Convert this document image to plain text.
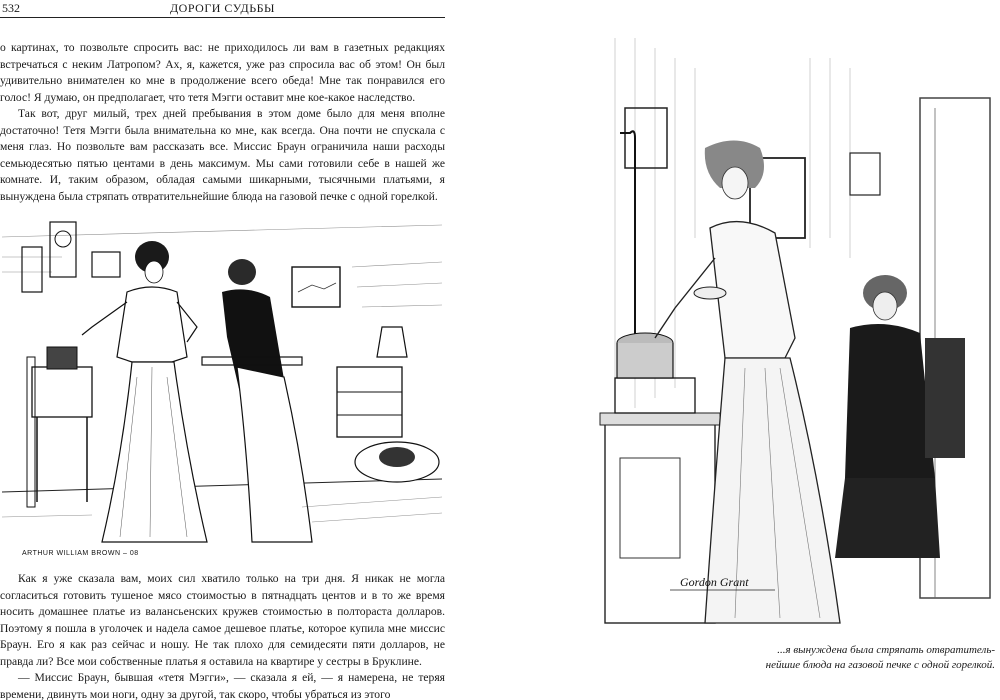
532	ДОРОГИ СУДЬБЫ

о картинах, то позвольте спросить вас: не приходилось ли вам в газетных редакциях встречаться с неким Латропом? Ах, я, кажется, уже раз спросила вас об этом! Он был удивительно внимателен ко мне в продолжение всего обеда! Мне так понравился его голос! Я думаю, он предполагает, что тетя Мэгги оставит мне кое-какое наследство.

Так вот, друг милый, трех дней пребывания в этом доме было для меня вполне достаточно! Тетя Мэгги была внимательна ко мне, как всегда. Она почти не спускала с меня глаз. Но позвольте вам рассказать все. Миссис Браун ограничила наши расходы семьюдесятью пятью центами в день максимум. Мы сами готовили себе в нашей же комнате. И, таким образом, обладая самыми шикарными, тысячными платьями, я вынуждена была стряпать отвратительнейшие блюда на газовой печке с одной горелкой.

ARTHUR WILLIAM BROWN – 08

Как я уже сказала вам, моих сил хватило только на три дня. Я никак не могла согласиться готовить тушеное мясо стоимостью в пятнадцать центов и в то же время носить домашнее платье из валансьенских кружев стоимостью в полтораста долларов. Поэтому я пошла в уголочек и надела самое дешевое платье, которое купила мне миссис Браун. Его я как раз сейчас и ношу. Не так плохо для семидесяти пяти долларов, не правда ли? Все мои собственные платья я оставила на квартире у сестры в Бруклине.

— Миссис Браун, бывшая «тетя Мэгги», — сказала я ей, — я намерена, не теряя времени, двинуть мои ноги, одну за другой, так скоро, чтобы убраться из этого

Gordon Grant
...я вынуждена была стряпать отвратитель-
нейшие блюда на газовой печке с одной горелкой.
